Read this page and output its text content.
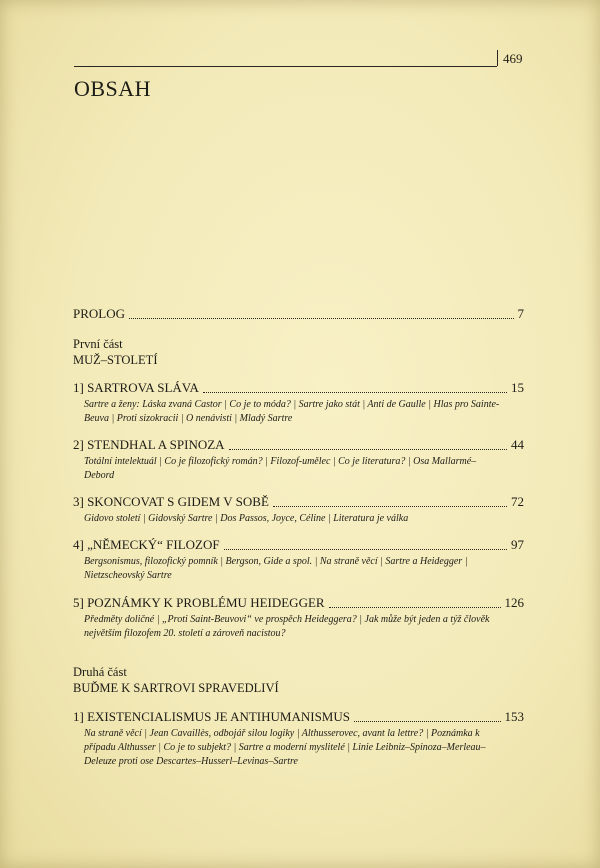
469
OBSAH
PROLOG	7
První část
MUŽ–STOLETÍ
1] SARTROVA SLÁVA	15
Sartre a ženy: Láska zvaná Castor | Co je to móda? | Sartre jako stát | Anti de Gaulle | Hlas pro Sainte-Beuva | Proti sizokracii | O nenávisti | Mladý Sartre
2] STENDHAL A SPINOZA	44
Totální intelektuál | Co je filozofický román? | Filozof-umělec | Co je literatura? | Osa Mallarmé–Debord
3] SKONCOVAT S GIDEM V SOBĚ	72
Gidovo století | Gidovský Sartre | Dos Passos, Joyce, Céline | Literatura je válka
4] „NĚMECKÝ“ FILOZOF	97
Bergsonismus, filozofický pomník | Bergson, Gide a spol. | Na straně věcí | Sartre a Heidegger | Nietzscheovský Sartre
5] POZNÁMKY K PROBLÉMU HEIDEGGER	126
Předměty doličné | „Proti Saint-Beuvovi“ ve prospěch Heideggera? | Jak může být jeden a týž člověk největším filozofem 20. století a zároveň nacistou?
Druhá část
BUĎME K SARTROVI SPRAVEDLIVÍ
1] EXISTENCIALISMUS JE ANTIHUMANISMUS	153
Na straně věcí | Jean Cavaillès, odbojář silou logiky | Althusserovec, avant la lettre? | Poznámka k případu Althusser | Co je to subjekt? | Sartre a moderní myslitelé | Linie Leibniz–Spinoza–Merleau–Deleuze proti ose Descartes–Husserl–Levinas–Sartre
